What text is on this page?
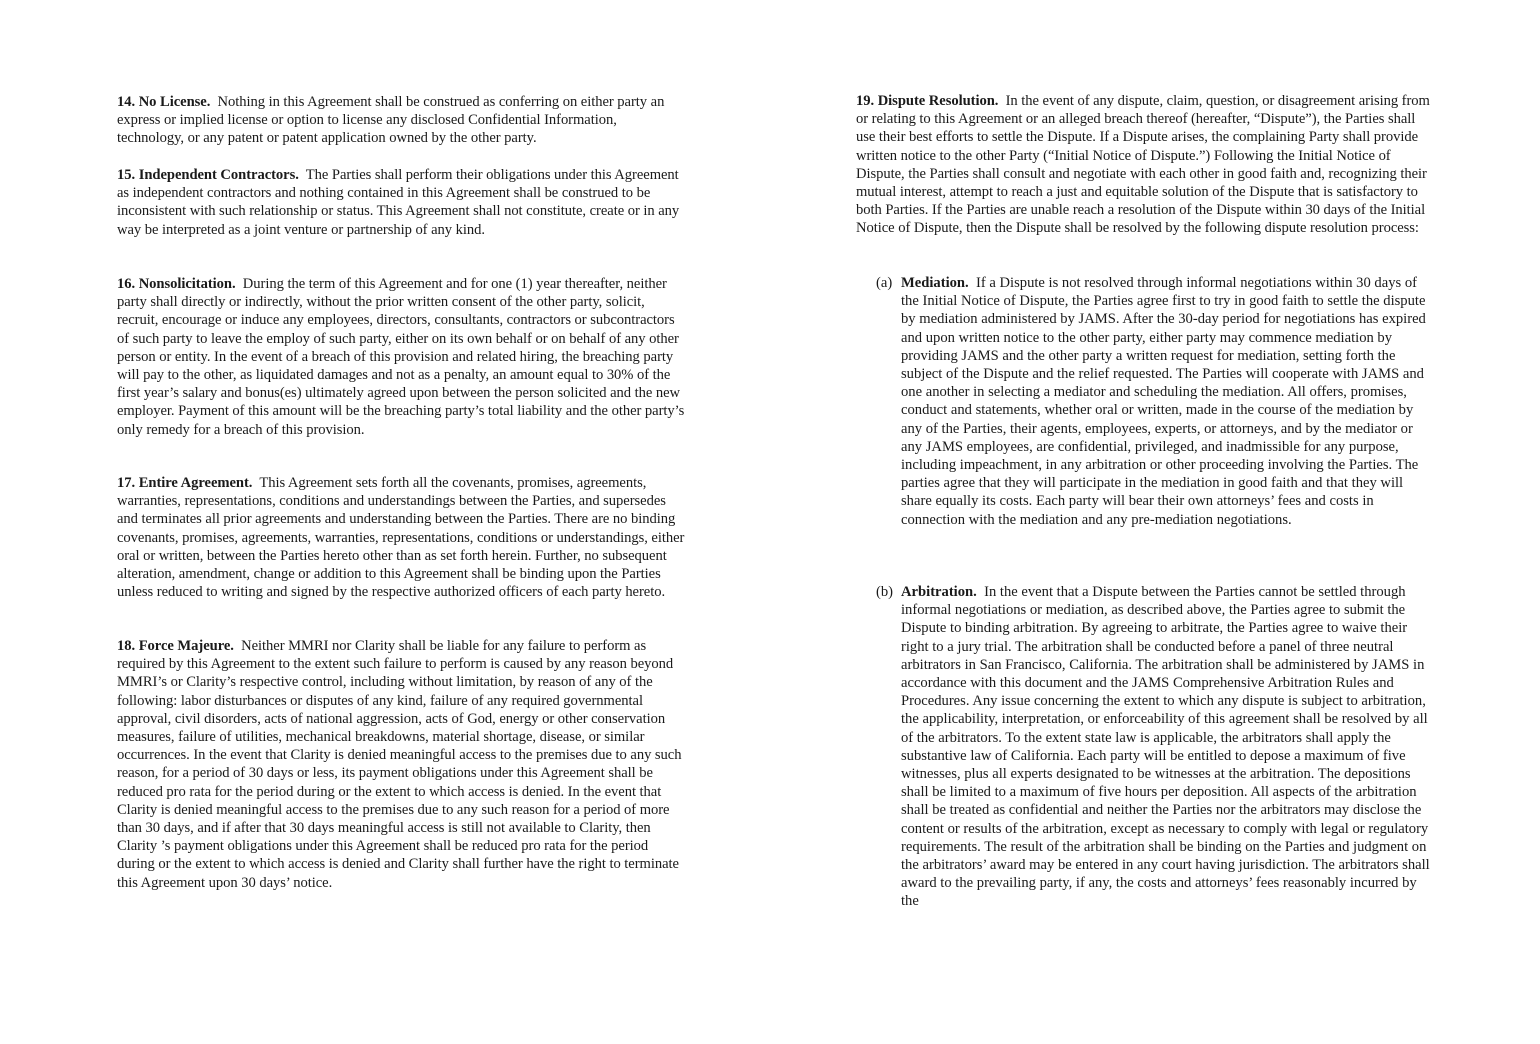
14. No License. Nothing in this Agreement shall be construed as conferring on either party an express or implied license or option to license any disclosed Confidential Information, technology, or any patent or patent application owned by the other party.

15. Independent Contractors. The Parties shall perform their obligations under this Agreement as independent contractors and nothing contained in this Agreement shall be construed to be inconsistent with such relationship or status. This Agreement shall not constitute, create or in any way be interpreted as a joint venture or partnership of any kind.

16. Nonsolicitation. During the term of this Agreement and for one (1) year thereafter, neither party shall directly or indirectly, without the prior written consent of the other party, solicit, recruit, encourage or induce any employees, directors, consultants, contractors or subcontractors of such party to leave the employ of such party, either on its own behalf or on behalf of any other person or entity. In the event of a breach of this provision and related hiring, the breaching party will pay to the other, as liquidated damages and not as a penalty, an amount equal to 30% of the first year’s salary and bonus(es) ultimately agreed upon between the person solicited and the new employer. Payment of this amount will be the breaching party’s total liability and the other party’s only remedy for a breach of this provision.

17. Entire Agreement. This Agreement sets forth all the covenants, promises, agreements, warranties, representations, conditions and understandings between the Parties, and supersedes and terminates all prior agreements and understanding between the Parties. There are no binding covenants, promises, agreements, warranties, representations, conditions or understandings, either oral or written, between the Parties hereto other than as set forth herein. Further, no subsequent alteration, amendment, change or addition to this Agreement shall be binding upon the Parties unless reduced to writing and signed by the respective authorized officers of each party hereto.

18. Force Majeure. Neither MMRI nor Clarity shall be liable for any failure to perform as required by this Agreement to the extent such failure to perform is caused by any reason beyond MMRI’s or Clarity’s respective control, including without limitation, by reason of any of the following: labor disturbances or disputes of any kind, failure of any required governmental approval, civil disorders, acts of national aggression, acts of God, energy or other conservation measures, failure of utilities, mechanical breakdowns, material shortage, disease, or similar occurrences. In the event that Clarity is denied meaningful access to the premises due to any such reason, for a period of 30 days or less, its payment obligations under this Agreement shall be reduced pro rata for the period during or the extent to which access is denied. In the event that Clarity is denied meaningful access to the premises due to any such reason for a period of more than 30 days, and if after that 30 days meaningful access is still not available to Clarity, then Clarity ’s payment obligations under this Agreement shall be reduced pro rata for the period during or the extent to which access is denied and Clarity shall further have the right to terminate this Agreement upon 30 days’ notice.

19. Dispute Resolution. In the event of any dispute, claim, question, or disagreement arising from or relating to this Agreement or an alleged breach thereof (hereafter, “Dispute”), the Parties shall use their best efforts to settle the Dispute. If a Dispute arises, the complaining Party shall provide written notice to the other Party (“Initial Notice of Dispute.”) Following the Initial Notice of Dispute, the Parties shall consult and negotiate with each other in good faith and, recognizing their mutual interest, attempt to reach a just and equitable solution of the Dispute that is satisfactory to both Parties. If the Parties are unable reach a resolution of the Dispute within 30 days of the Initial Notice of Dispute, then the Dispute shall be resolved by the following dispute resolution process:

(a) Mediation. If a Dispute is not resolved through informal negotiations within 30 days of the Initial Notice of Dispute, the Parties agree first to try in good faith to settle the dispute by mediation administered by JAMS. After the 30-day period for negotiations has expired and upon written notice to the other party, either party may commence mediation by providing JAMS and the other party a written request for mediation, setting forth the subject of the Dispute and the relief requested. The Parties will cooperate with JAMS and one another in selecting a mediator and scheduling the mediation. All offers, promises, conduct and statements, whether oral or written, made in the course of the mediation by any of the Parties, their agents, employees, experts, or attorneys, and by the mediator or any JAMS employees, are confidential, privileged, and inadmissible for any purpose, including impeachment, in any arbitration or other proceeding involving the Parties. The parties agree that they will participate in the mediation in good faith and that they will share equally its costs. Each party will bear their own attorneys’ fees and costs in connection with the mediation and any pre-mediation negotiations.

(b) Arbitration. In the event that a Dispute between the Parties cannot be settled through informal negotiations or mediation, as described above, the Parties agree to submit the Dispute to binding arbitration. By agreeing to arbitrate, the Parties agree to waive their right to a jury trial. The arbitration shall be conducted before a panel of three neutral arbitrators in San Francisco, California. The arbitration shall be administered by JAMS in accordance with this document and the JAMS Comprehensive Arbitration Rules and Procedures. Any issue concerning the extent to which any dispute is subject to arbitration, the applicability, interpretation, or enforceability of this agreement shall be resolved by all of the arbitrators. To the extent state law is applicable, the arbitrators shall apply the substantive law of California. Each party will be entitled to depose a maximum of five witnesses, plus all experts designated to be witnesses at the arbitration. The depositions shall be limited to a maximum of five hours per deposition. All aspects of the arbitration shall be treated as confidential and neither the Parties nor the arbitrators may disclose the content or results of the arbitration, except as necessary to comply with legal or regulatory requirements. The result of the arbitration shall be binding on the Parties and judgment on the arbitrators’ award may be entered in any court having jurisdiction. The arbitrators shall award to the prevailing party, if any, the costs and attorneys’ fees reasonably incurred by the
